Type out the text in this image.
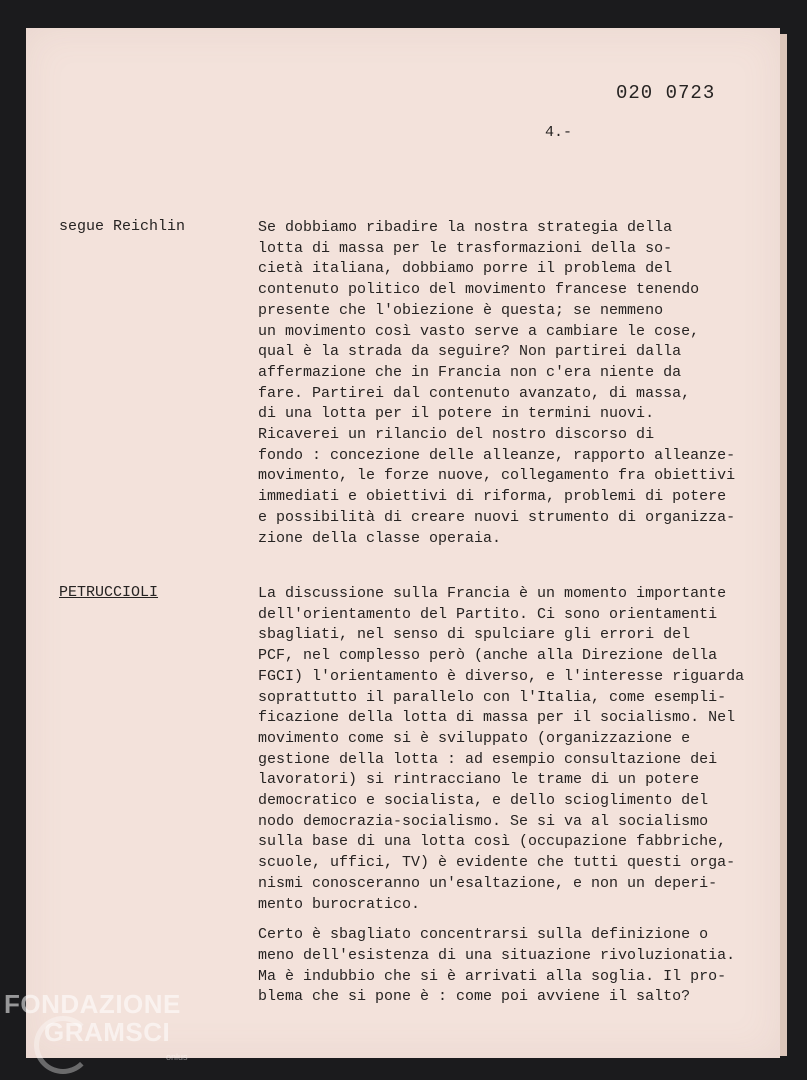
020 0723
4.-
segue Reichlin	Se dobbiamo ribadire la nostra strategia della
lotta di massa per le trasformazioni della so-
cietà italiana, dobbiamo porre il problema del
contenuto politico del movimento francese tenendo
presente che l'obiezione è questa; se nemmeno
un movimento così vasto serve a cambiare le cose,
qual è la strada da seguire? Non partirei dalla
affermazione che in Francia non c'era niente da
fare. Partirei dal contenuto avanzato, di massa,
di una lotta per il potere in termini nuovi.
Ricaverei un rilancio del nostro discorso di
fondo : concezione delle alleanze, rapporto alleanze-
movimento, le forze nuove, collegamento fra obiettivi
immediati e obiettivi di riforma, problemi di potere
e possibilità di creare nuovi strumento di organizza-
zione della classe operaia.
PETRUCCIOLI	La discussione sulla Francia è un momento importante
dell'orientamento del Partito. Ci sono orientamenti
sbagliati, nel senso di spulciare gli errori del
PCF, nel complesso però (anche alla Direzione della
FGCI) l'orientamento è diverso, e l'interesse riguarda
soprattutto il parallelo con l'Italia, come esempli-
ficazione della lotta di massa per il socialismo. Nel
movimento come si è sviluppato (organizzazione e
gestione della lotta : ad esempio consultazione dei
lavoratori) si rintracciano le trame di un potere
democratico e socialista, e dello scioglimento del
nodo democrazia-socialismo. Se si va al socialismo
sulla base di una lotta così (occupazione fabbriche,
scuole, uffici, TV) è evidente che tutti questi orga-
nismi conosceranno un'esaltazione, e non un deperi-
mento burocratico.
Certo è sbagliato concentrarsi sulla definizione o
meno dell'esistenza di una situazione rivoluzionatia.
Ma è indubbio che si è arrivati alla soglia. Il pro-
blema che si pone è : come poi avviene il salto?
FONDAZIONE
GRAMSCI
onlus
